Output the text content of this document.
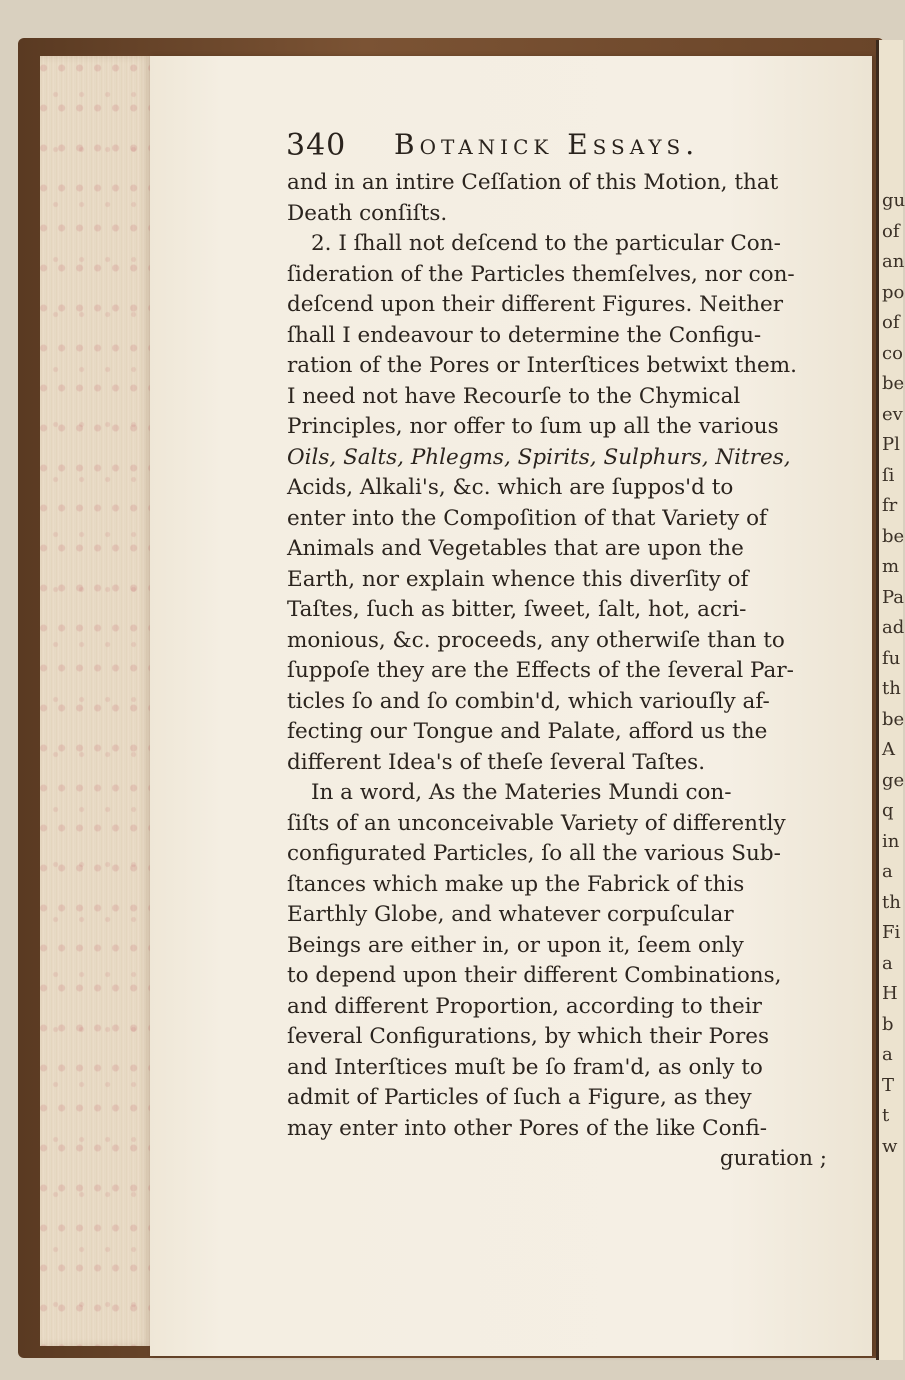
gu
of
an
po
of
co
be
ev
Pl
ſi
fr
be
m
Pa
ad
fu
th
be
A
ge
q
in
a
th
Fi
a
H
b
a
T
t
w
340 Botanick Essays.
and in an intire Ceſſation of this Motion, that
Death conſiſts.
2. I ſhall not deſcend to the particular Con-
ſideration of the Particles themſelves, nor con-
deſcend upon their different Figures. Neither
ſhall I endeavour to determine the Configu-
ration of the Pores or Interſtices betwixt them.
I need not have Recourſe to the Chymical
Principles, nor offer to ſum up all the various
Oils, Salts, Phlegms, Spirits, Sulphurs, Nitres,
Acids, Alkali's, &c. which are ſuppos'd to
enter into the Compoſition of that Variety of
Animals and Vegetables that are upon the
Earth, nor explain whence this diverſity of
Taſtes, ſuch as bitter, ſweet, ſalt, hot, acri-
monious, &c. proceeds, any otherwiſe than to
ſuppoſe they are the Effects of the ſeveral Par-
ticles ſo and ſo combin'd, which variouſly af-
fecting our Tongue and Palate, afford us the
different Idea's of theſe ſeveral Taſtes.
In a word, As the Materies Mundi con-
ſiſts of an unconceivable Variety of differently
configurated Particles, ſo all the various Sub-
ſtances which make up the Fabrick of this
Earthly Globe, and whatever corpuſcular
Beings are either in, or upon it, ſeem only
to depend upon their different Combinations,
and different Proportion, according to their
ſeveral Configurations, by which their Pores
and Interſtices muſt be ſo fram'd, as only to
admit of Particles of ſuch a Figure, as they
may enter into other Pores of the like Confi-
guration ;
